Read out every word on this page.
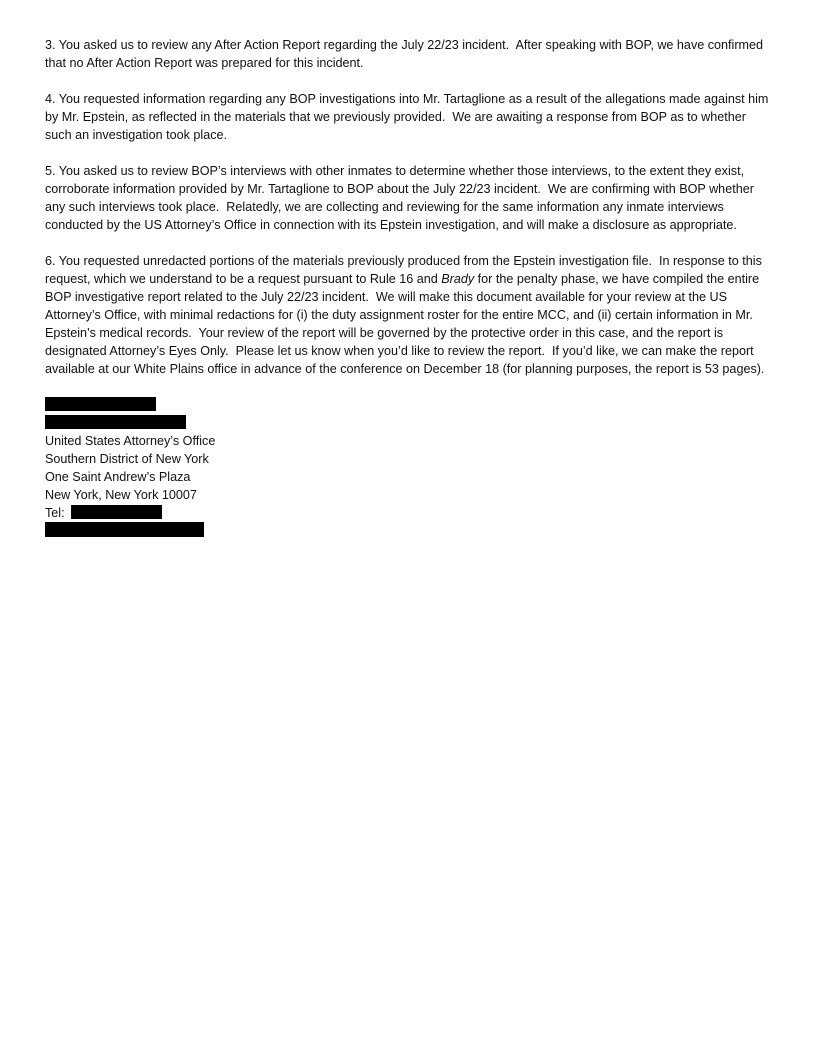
3. You asked us to review any After Action Report regarding the July 22/23 incident.  After speaking with BOP, we have confirmed that no After Action Report was prepared for this incident.

4. You requested information regarding any BOP investigations into Mr. Tartaglione as a result of the allegations made against him by Mr. Epstein, as reflected in the materials that we previously provided.  We are awaiting a response from BOP as to whether such an investigation took place.

5. You asked us to review BOP’s interviews with other inmates to determine whether those interviews, to the extent they exist, corroborate information provided by Mr. Tartaglione to BOP about the July 22/23 incident.  We are confirming with BOP whether any such interviews took place.  Relatedly, we are collecting and reviewing for the same information any inmate interviews conducted by the US Attorney’s Office in connection with its Epstein investigation, and will make a disclosure as appropriate.

6. You requested unredacted portions of the materials previously produced from the Epstein investigation file.  In response to this request, which we understand to be a request pursuant to Rule 16 and Brady for the penalty phase, we have compiled the entire BOP investigative report related to the July 22/23 incident.  We will make this document available for your review at the US Attorney’s Office, with minimal redactions for (i) the duty assignment roster for the entire MCC, and (ii) certain information in Mr. Epstein’s medical records.  Your review of the report will be governed by the protective order in this case, and the report is designated Attorney’s Eyes Only.  Please let us know when you’d like to review the report.  If you’d like, we can make the report available at our White Plains office in advance of the conference on December 18 (for planning purposes, the report is 53 pages).

United States Attorney’s Office
Southern District of New York
One Saint Andrew’s Plaza
New York, New York 10007
Tel:
